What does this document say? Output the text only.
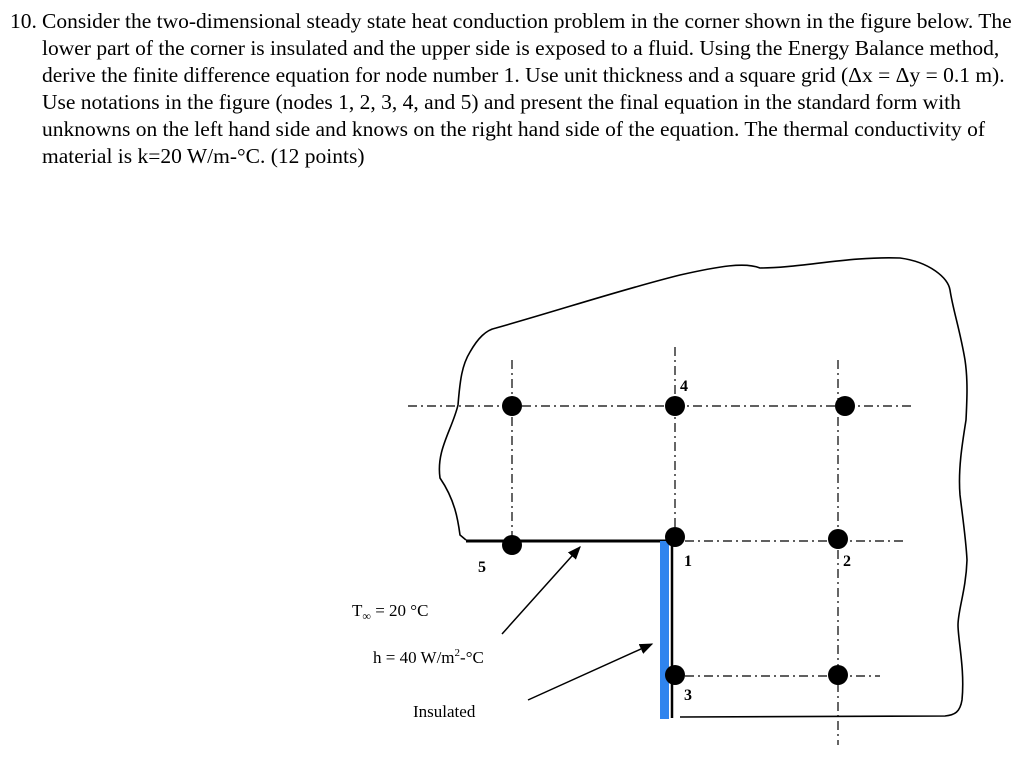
10. Consider the two-dimensional steady state heat conduction problem in the corner shown in the figure below. The lower part of the corner is insulated and the upper side is exposed to a fluid. Using the Energy Balance method, derive the finite difference equation for node number 1. Use unit thickness and a square grid (Δx = Δy = 0.1 m). Use notations in the figure (nodes 1, 2, 3, 4, and 5) and present the final equation in the standard form with unknowns on the left hand side and knows on the right hand side of the equation. The thermal conductivity of material is k=20 W/m-°C. (12 points)
4
1	2
3
5
$T_\infty = 20$ °C
h = 40 $W/m^2-^\circ C$
Insulated
